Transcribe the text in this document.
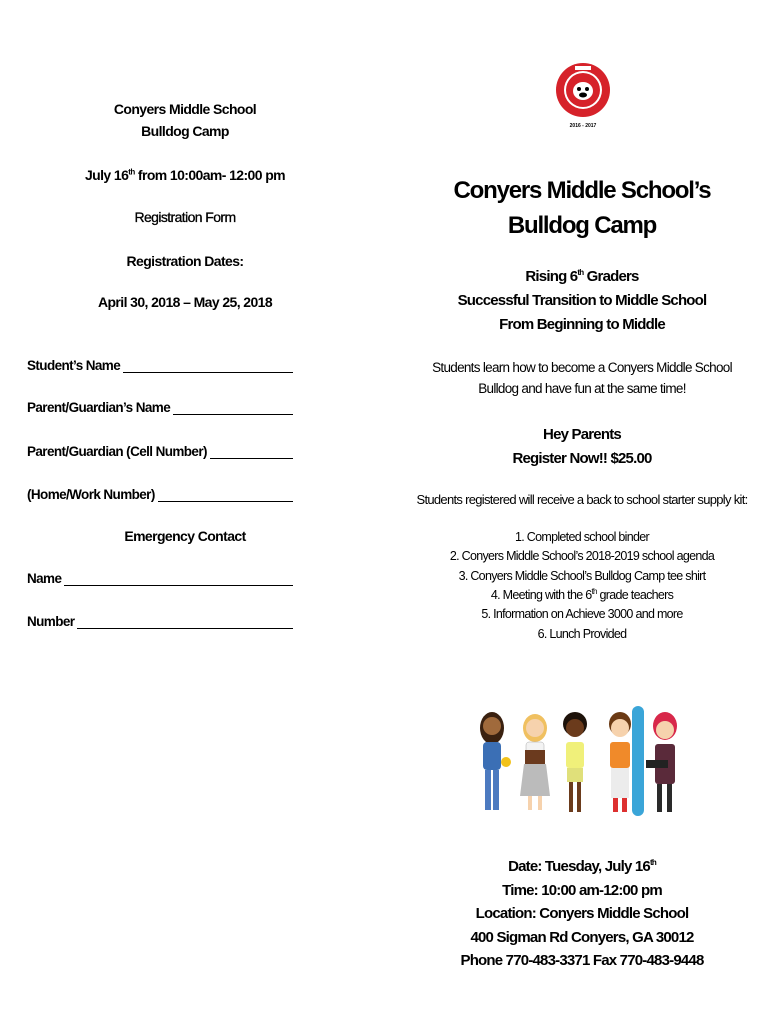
Conyers Middle School
Bulldog Camp
July 16th from 10:00am- 12:00 pm
Registration Form
Registration Dates:
April 30, 2018 – May 25, 2018
Student’s Name
Parent/Guardian’s Name
Parent/Guardian (Cell Number)
(Home/Work Number)
Emergency Contact
Name
Number
2016 - 2017
Conyers Middle School’s
Bulldog Camp
Rising 6th Graders
Successful Transition to Middle School
From Beginning to Middle
Students learn how to become a Conyers Middle School
Bulldog and have fun at the same time!
Hey Parents
Register Now!! $25.00
Students registered will receive a back to school starter supply kit:
1. Completed school binder
2. Conyers Middle School’s 2018-2019 school agenda
3. Conyers Middle School’s Bulldog Camp tee shirt
4. Meeting with the 6th grade teachers
5. Information on Achieve 3000 and more
6. Lunch Provided
Date: Tuesday, July 16th
Time: 10:00 am-12:00 pm
Location: Conyers Middle School
400 Sigman Rd Conyers, GA 30012
Phone 770-483-3371 Fax 770-483-9448
